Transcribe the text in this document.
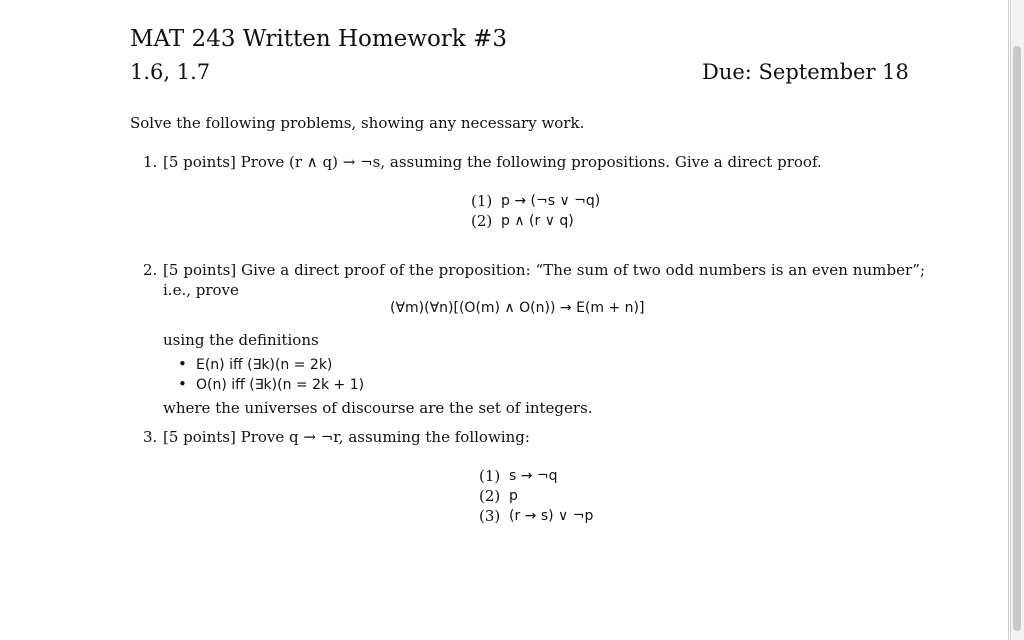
MAT 243 Written Homework #3
1.6, 1.7	Due: September 18
Solve the following problems, showing any necessary work.
1. [5 points] Prove (r ∧ q) → ¬s, assuming the following propositions. Give a direct proof.
(1) p → (¬s ∨ ¬q)
(2) p ∧ (r ∨ q)
2. [5 points] Give a direct proof of the proposition: “The sum of two odd numbers is an even number”;
i.e., prove
(∀m)(∀n)[(O(m) ∧ O(n)) → E(m + n)]
using the definitions
• E(n) iff (∃k)(n = 2k)
• O(n) iff (∃k)(n = 2k + 1)
where the universes of discourse are the set of integers.
3. [5 points] Prove q → ¬r, assuming the following:
(1) s → ¬q
(2) p
(3) (r → s) ∨ ¬p
